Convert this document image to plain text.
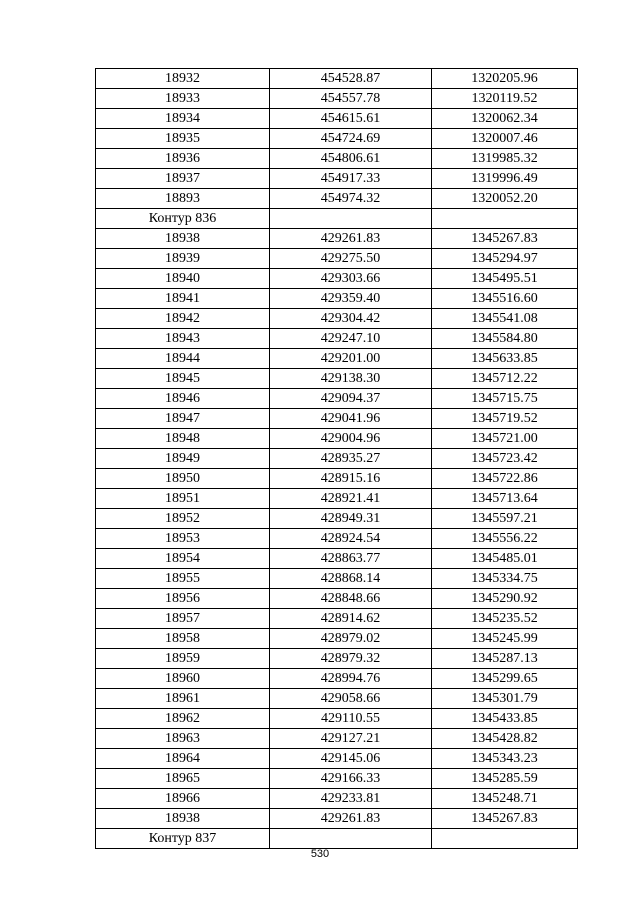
18932	454528.87	1320205.96
18933	454557.78	1320119.52
18934	454615.61	1320062.34
18935	454724.69	1320007.46
18936	454806.61	1319985.32
18937	454917.33	1319996.49
18893	454974.32	1320052.20
Контур 836		
18938	429261.83	1345267.83
18939	429275.50	1345294.97
18940	429303.66	1345495.51
18941	429359.40	1345516.60
18942	429304.42	1345541.08
18943	429247.10	1345584.80
18944	429201.00	1345633.85
18945	429138.30	1345712.22
18946	429094.37	1345715.75
18947	429041.96	1345719.52
18948	429004.96	1345721.00
18949	428935.27	1345723.42
18950	428915.16	1345722.86
18951	428921.41	1345713.64
18952	428949.31	1345597.21
18953	428924.54	1345556.22
18954	428863.77	1345485.01
18955	428868.14	1345334.75
18956	428848.66	1345290.92
18957	428914.62	1345235.52
18958	428979.02	1345245.99
18959	428979.32	1345287.13
18960	428994.76	1345299.65
18961	429058.66	1345301.79
18962	429110.55	1345433.85
18963	429127.21	1345428.82
18964	429145.06	1345343.23
18965	429166.33	1345285.59
18966	429233.81	1345248.71
18938	429261.83	1345267.83
Контур 837		
530
